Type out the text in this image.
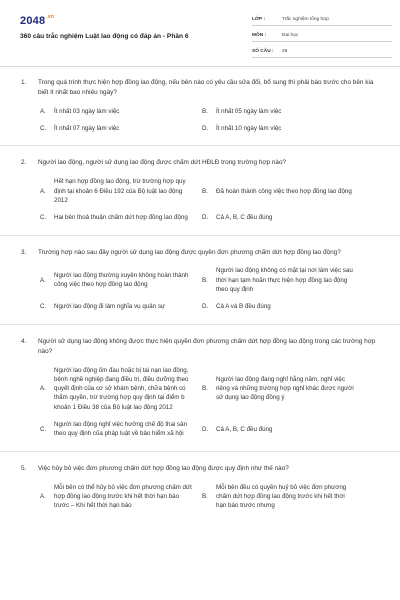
$2048^{.vn}$
360 câu trắc nghiệm Luật lao động có đáp án - Phần 6
LỚP :	Trắc nghiệm tổng hợp
MÔN :	Đại học
SỐ CÂU :	25
1. Trong quá trình thực hiện hợp đồng lao động, nếu bên nào có yêu cầu sửa đổi, bổ sung thì phải báo trước cho bên kia biết ít nhất bao nhiêu ngày?
A.	Ít nhất 03 ngày làm việc	B.	Ít nhất 05 ngày làm việc
C.	Ít nhất 07 ngày làm việc	D.	Ít nhất 10 ngày làm việc
2. Người lao động, người sử dụng lao động được chấm dứt HĐLĐ trong trường hợp nào?
A.
Hết hạn hợp đồng lao động, trừ trường hợp quy định tại khoản 6 Điều 192 của Bộ luật lao động 2012
B.	Đã hoàn thành công việc theo hợp đồng lao động
C.	Hai bên thoả thuận chấm dứt hợp đồng lao động D.	Cả A, B, C đều đúng
3. Trường hợp nào sau đây người sử dụng lao động được quyền đơn phương chấm dứt hợp đồng lao động?
A.
Người lao động thường xuyên không hoàn thành công việc theo hợp đồng lao động
B.
Người lao động không có mặt tại nơi làm việc sau thời hạn tạm hoãn thực hiện hợp đồng lao động theo quy định
C.	Người lao động đi làm nghĩa vụ quân sự	D.	Cả A và B đều đúng
4. Người sử dụng lao động không được thực hiện quyền đơn phương chấm dứt hợp đồng lao động trong các trường hợp nào?
A.
Người lao động ốm đau hoặc bị tai nạn lao động, bệnh nghề nghiệp đang điều trị, điều dưỡng theo quyết định của cơ sở khám bệnh, chữa bệnh có thẩm quyền, trừ trường hợp quy định tại điểm b khoản 1 Điều 38 của Bộ luật lao động 2012
B.
Người lao động đang nghỉ hằng năm, nghỉ việc riêng và những trường hợp nghỉ khác được người sử dụng lao động đồng ý
C.
Người lao động nghỉ việc hưởng chế độ thai sản theo quy định của pháp luật về bảo hiểm xã hội
D.	Cả A, B, C đều đúng
5. Việc hủy bỏ việc đơn phương chấm dứt hợp đồng lao động được quy định như thế nào?
A.
Mỗi bên có thể hủy bỏ việc đơn phương chấm dứt hợp đồng lao động trước khi hết thời hạn báo trước – Khi hết thời hạn báo
B.
Mỗi bên đều có quyền huỷ bỏ việc đơn phương chấm dứt hợp đồng lao động trước khi hết thời hạn báo trước nhưng
